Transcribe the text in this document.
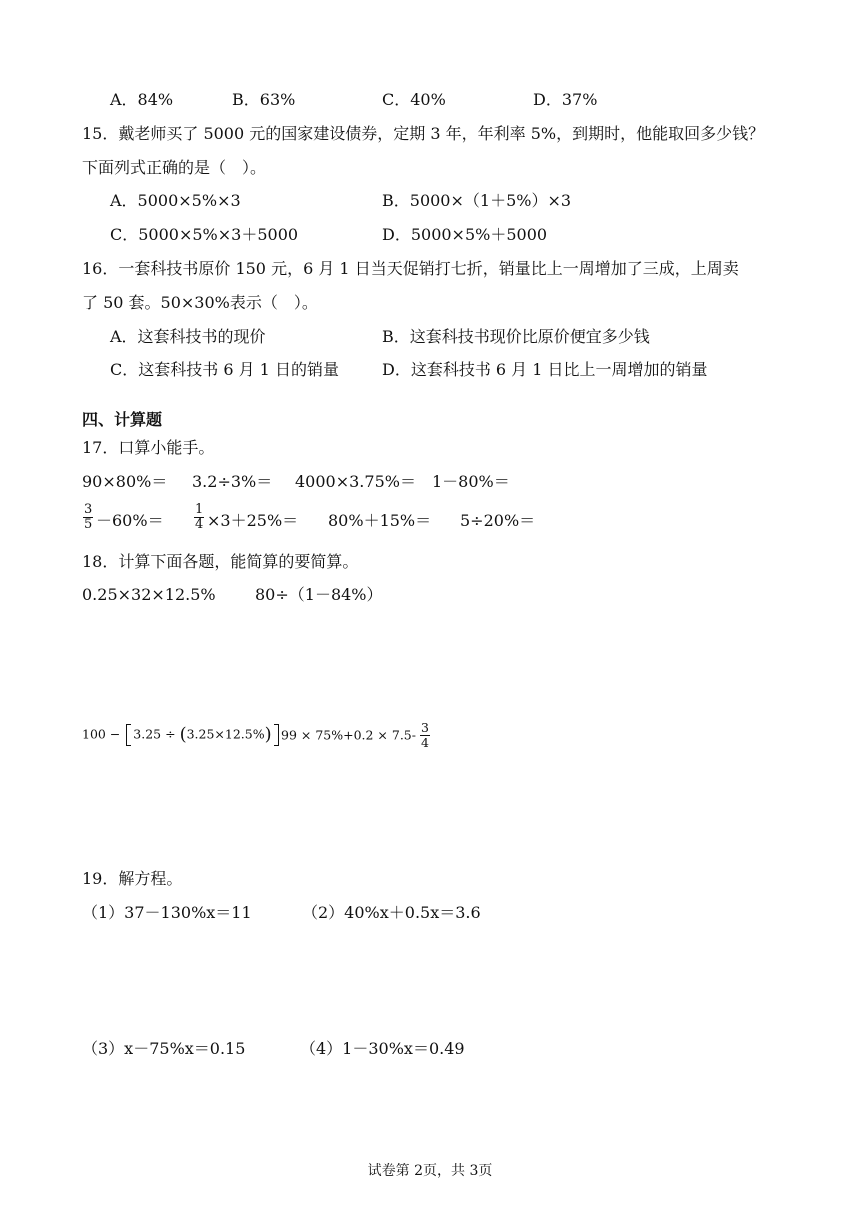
A．84%	B．63%	C．40%	D．37%
15．戴老师买了 5000 元的国家建设债券，定期 3 年，年利率 5%，到期时，他能取回多少钱？
下面列式正确的是（　）。
A．5000×5%×3	B．5000×（1＋5%）×3
C．5000×5%×3＋5000	D．5000×5%＋5000
16．一套科技书原价 150 元，6 月 1 日当天促销打七折，销量比上一周增加了三成，上周卖
了 50 套。50×30%表示（　）。
A．这套科技书的现价	B．这套科技书现价比原价便宜多少钱
C．这套科技书 6 月 1 日的销量	D．这套科技书 6 月 1 日比上一周增加的销量
四、计算题
17．口算小能手。
90×80%＝ 3.2÷3%＝ 4000×3.75%＝ 1－80%＝
$\frac{3}{5} -60\%= \frac{1}{4} \times 3+25\%= 80\%+15\%= 5\div 20\%=$
18．计算下面各题，能简算的要简算。
0.25×32×12.5% 80÷（1－84%）
100 − 3.25 ÷ (3.25×12.5%) $99 \times 75\%+0.2 \times 7.5- \frac{3}{4}$
19．解方程。
（1）37－130%x＝11	（2）40%x＋0.5x＝3.6
（3）x－75%x＝0.15	（4）1－30%x＝0.49
试卷第 2页，共 3页
